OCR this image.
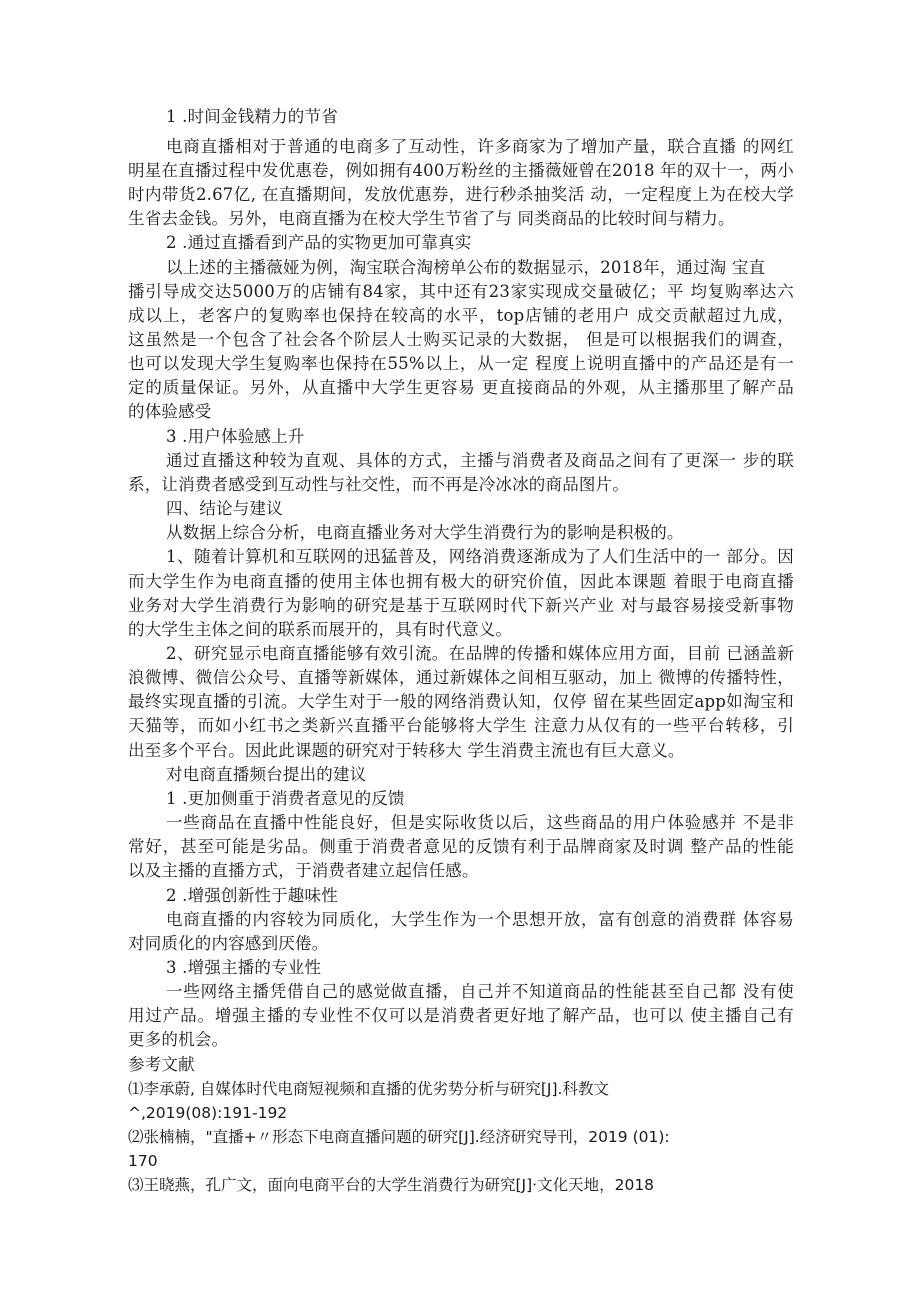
1 .时间金钱精力的节省
电商直播相对于普通的电商多了互动性，许多商家为了增加产量，联合直播 的网红
明星在直播过程中发优惠卷，例如拥有400万粉丝的主播薇娅曾在2018 年的双十一，两小
时内带货2.67亿, 在直播期间，发放优惠券，进行秒杀抽奖活 动，一定程度上为在校大学
生省去金钱。另外，电商直播为在校大学生节省了与 同类商品的比较时间与精力。
2 .通过直播看到产品的实物更加可靠真实
以上述的主播薇娅为例，淘宝联合淘榜单公布的数据显示，2018年，通过淘 宝直
播引导成交达5000万的店铺有84家，其中还有23家实现成交量破亿；平 均复购率达六
成以上，老客户的复购率也保持在较高的水平，top店铺的老用户 成交贡献超过九成，
这虽然是一个包含了社会各个阶层人士购买记录的大数据， 但是可以根据我们的调查，
也可以发现大学生复购率也保持在55%以上，从一定 程度上说明直播中的产品还是有一
定的质量保证。另外，从直播中大学生更容易 更直接商品的外观，从主播那里了解产品
的体验感受
3 .用户体验感上升
通过直播这种较为直观、具体的方式，主播与消费者及商品之间有了更深一 步的联
系，让消费者感受到互动性与社交性，而不再是冷冰冰的商品图片。
四、结论与建议
从数据上综合分析，电商直播业务对大学生消费行为的影响是积极的。
1、随着计算机和互联网的迅猛普及，网络消费逐渐成为了人们生活中的一 部分。因
而大学生作为电商直播的使用主体也拥有极大的研究价值，因此本课题 着眼于电商直播
业务对大学生消费行为影响的研究是基于互联网时代下新兴产业 对与最容易接受新事物
的大学生主体之间的联系而展开的，具有时代意义。
2、研究显示电商直播能够有效引流。在品牌的传播和媒体应用方面，目前 已涵盖新
浪微博、微信公众号、直播等新媒体，通过新媒体之间相互驱动，加上 微博的传播特性，
最终实现直播的引流。大学生对于一般的网络消费认知，仅停 留在某些固定app如淘宝和
天猫等，而如小红书之类新兴直播平台能够将大学生 注意力从仅有的一些平台转移，引
出至多个平台。因此此课题的研究对于转移大 学生消费主流也有巨大意义。
对电商直播频台提出的建议
1 .更加侧重于消费者意见的反馈
一些商品在直播中性能良好，但是实际收货以后，这些商品的用户体验感并 不是非
常好，甚至可能是劣品。侧重于消费者意见的反馈有利于品牌商家及时调 整产品的性能
以及主播的直播方式，于消费者建立起信任感。
2 .增强创新性于趣味性
电商直播的内容较为同质化，大学生作为一个思想开放，富有创意的消费群 体容易
对同质化的内容感到厌倦。
3 .增强主播的专业性
一些网络主播凭借自己的感觉做直播，自己并不知道商品的性能甚至自己都 没有使
用过产品。增强主播的专业性不仅可以是消费者更好地了解产品，也可以 使主播自己有
更多的机会。
参考文献
⑴李承蔚, 自媒体时代电商短视频和直播的优劣势分析与研究[J].科教文
^,2019(08):191-192
⑵张楠楠，"直播+〃形态下电商直播问题的研究[J].经济研究导刊，2019 (01):
170
⑶王晓燕，孔广文，面向电商平台的大学生消费行为研究[J]·文化天地，2018
